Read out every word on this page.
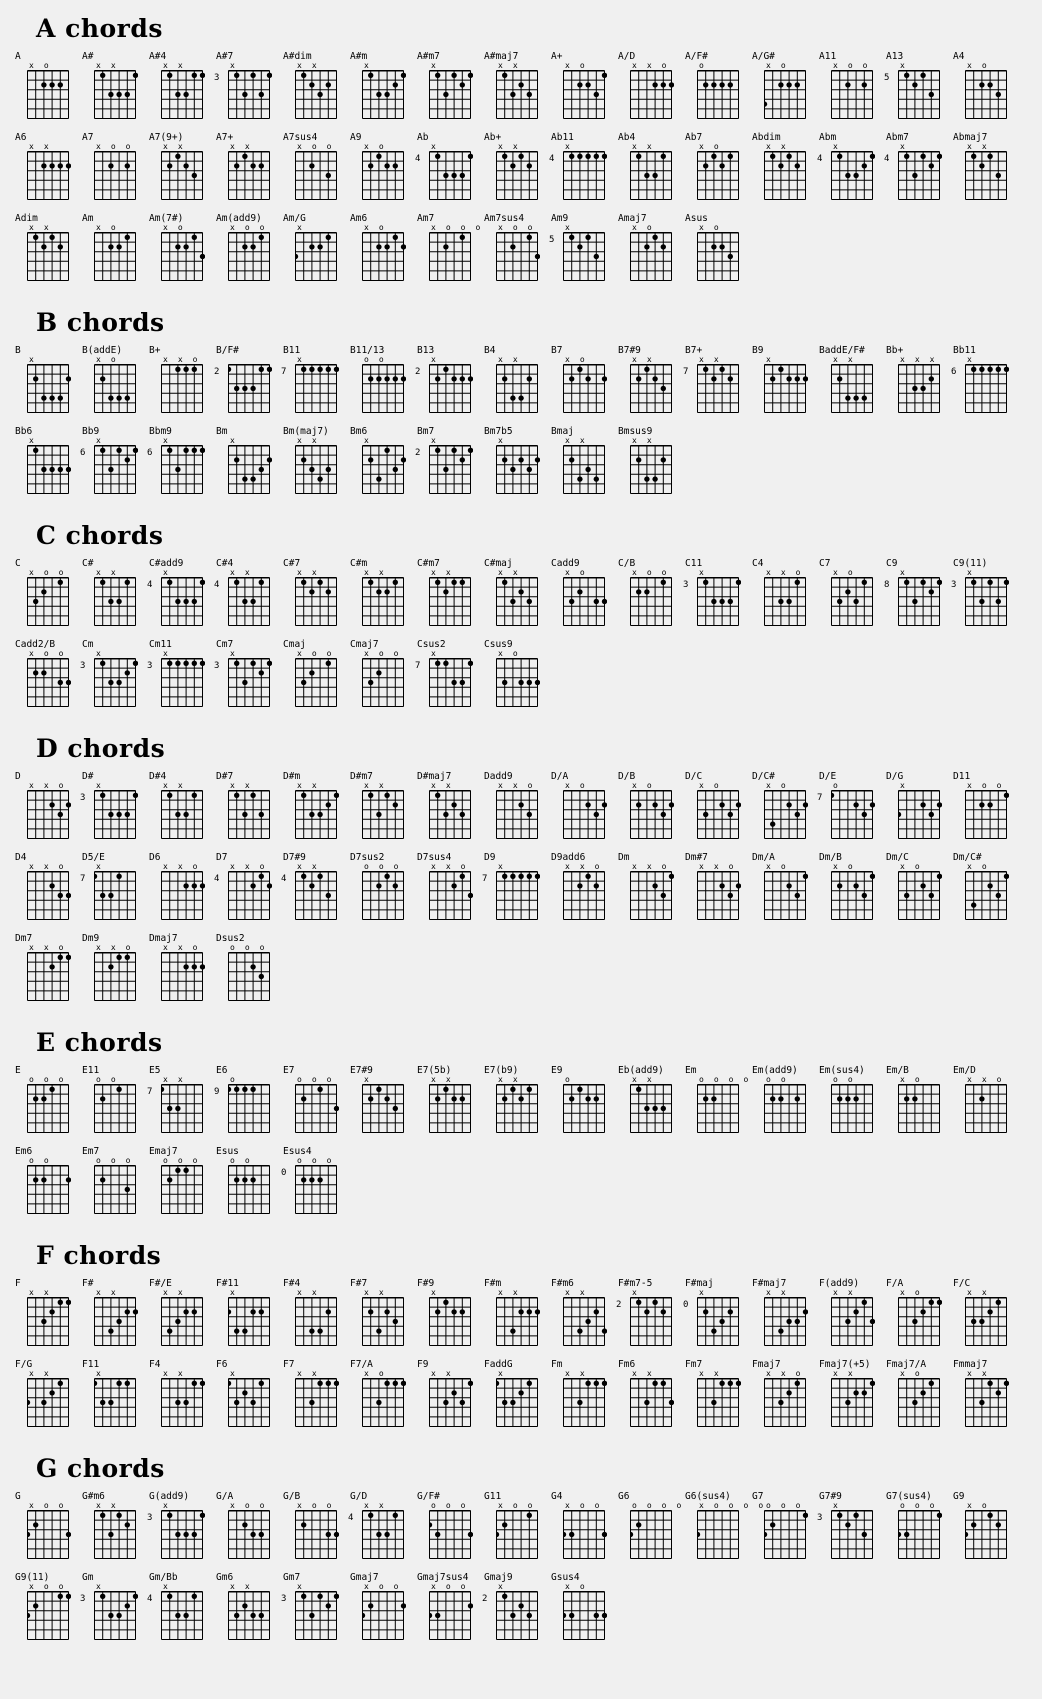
A chords
A
x o
A#
x x
A#4
x x
A#7
x
3
A#dim
x x
A#m
x
A#m7
x
A#maj7
x x
A+
x o
A/D
x x o
A/F#
o
A/G#
x o
A11
x o o
A13
x
5
A4
x o
A6
x x
A7
x o o
A7(9+)
x x
A7+
x x
A7sus4
x o o
A9
x o
Ab
x
4
Ab+
x x
Ab11
x
4
Ab4
x x
Ab7
x o
Abdim
x x
Abm
x
4
Abm7
x
4
Abmaj7
x x
Adim
x x
Am
x o
Am(7#)
x o
Am(add9)
x o o
Am/G
x
Am6
x o
Am7
x o o o
Am7sus4
x o o
Am9
x
5
Amaj7
x o
Asus
x o
B chords
B
x
B(addE)
x o
B+
x x o
B/F#
2
B11
x
7
B11/13
o o
B13
x
2
B4
x x
B7
x o
B7#9
x x
B7+
x x
7
B9
x
BaddE/F#
x x
Bb+
x x x
Bb11
x
6
Bb6
x
Bb9
x
6
Bbm9
x
6
Bm
x
Bm(maj7)
x x
Bm6
x
Bm7
x
2
Bm7b5
x
Bmaj
x x
Bmsus9
x x
C chords
C
x o o
C#
x x
C#add9
x
4
C#4
x x
4
C#7
x x
C#m
x x
C#m7
x x
C#maj
x x
Cadd9
x o
C/B
x o o
C11
x
3
C4
x x o
C7
x o
C9
x
8
C9(11)
x
3
Cadd2/B
x o o
Cm
x
3
Cm11
x
3
Cm7
x
3
Cmaj
x o o
Cmaj7
x o o
Csus2
x
7
Csus9
x o
D chords
D
x x o
D#
x
3
D#4
x x
D#7
x x
D#m
x x
D#m7
x x
D#maj7
x x
Dadd9
x x o
D/A
x o
D/B
x o
D/C
x o
D/C#
x o
D/E
o
7
D/G
x
D11
x o o
D4
x x o
D5/E
x
7
D6
x x o
D7
x x o
4
D7#9
x x
4
D7sus2
o o o
D7sus4
x x o
D9
x
7
D9add6
x x o
Dm
x x o
Dm#7
x x o
Dm/A
x o
Dm/B
x o
Dm/C
x o
Dm/C#
x o
Dm7
x x o
Dm9
x x o
Dmaj7
x x o
Dsus2
o o o
E chords
E
o o o
E11
o o
E5
x x
7
E6
o
9
E7
o o o
E7#9
x
E7(5b)
x x
E7(b9)
x x
E9
o
Eb(add9)
x x
Em
o o o o
Em(add9)
o o
Em(sus4)
o o
Em/B
x o
Em/D
x x o
Em6
o o
Em7
o o o
Emaj7
o o o
Esus
o o
Esus4
o o o
0
F chords
F
x x
F#
x x
F#/E
x x
F#11
x
F#4
x x
F#7
x x
F#9
x
F#m
x x
F#m6
x x
F#m7-5
x
2
F#maj
x
0
F#maj7
x x
F(add9)
x x
F/A
x o
F/C
x x
F/G
x x
F11
x
F4
x x
F6
x
F7
x x
F7/A
x o
F9
x x
FaddG
x
Fm
x x
Fm6
x x
Fm7
x x
Fmaj7
x x o
Fmaj7(+5)
x x
Fmaj7/A
x o
Fmmaj7
x x
G chords
G
x o o
G#m6
x x
G(add9)
x
3
G/A
x o o
G/B
x o o
G/D
x x
4
G/F#
o o o
G11
x o o
G4
x o o
G6
o o o o
G6(sus4)
x o o o o
G7
o o o
G7#9
x
3
G7(sus4)
o o o
G9
x o
G9(11)
x o o
Gm
x
3
Gm/Bb
x
4
Gm6
x x
Gm7
x
3
Gmaj7
x o o
Gmaj7sus4
x o o
Gmaj9
x
2
Gsus4
x o
